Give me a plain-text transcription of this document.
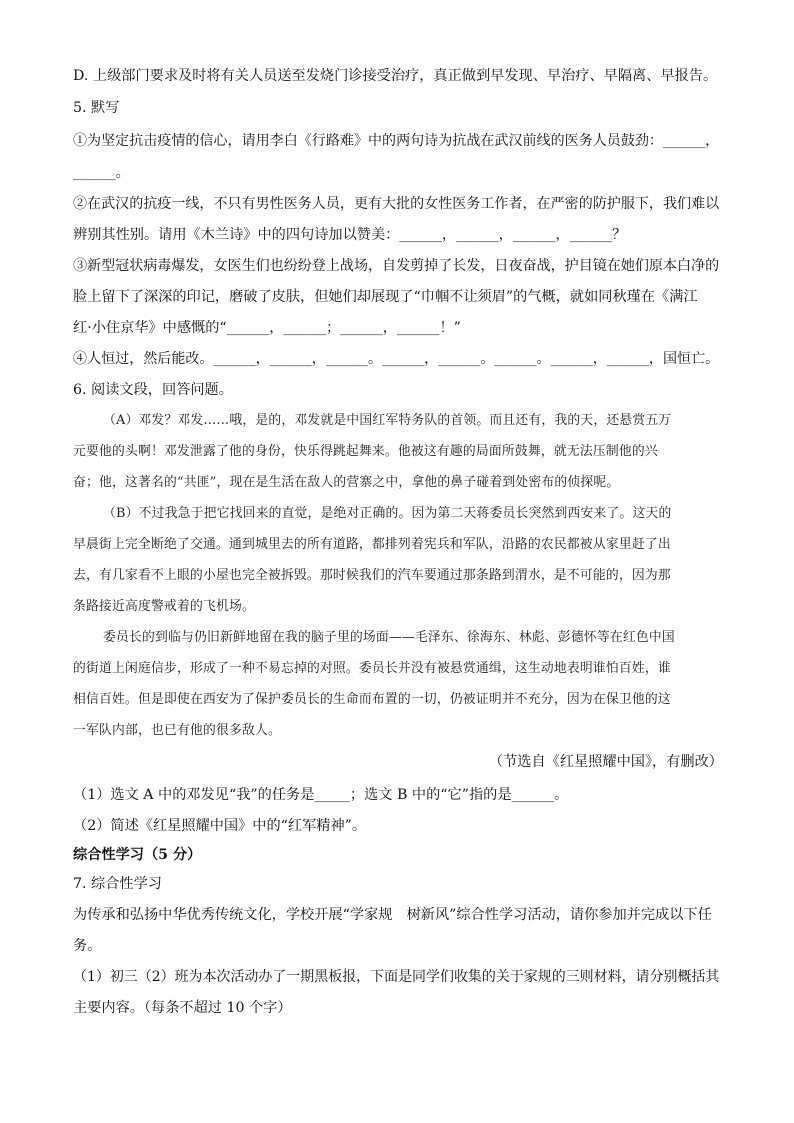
D. 上级部门要求及时将有关人员送至发烧门诊接受治疗，真正做到早发现、早治疗、早隔离、早报告。
5. 默写
①为坚定抗击疫情的信心，请用李白《行路难》中的两句诗为抗战在武汉前线的医务人员鼓劲：______，
______。
②在武汉的抗疫一线，不只有男性医务人员，更有大批的女性医务工作者，在严密的防护服下，我们难以
辨别其性别。请用《木兰诗》中的四句诗加以赞美：______，______，______，______？
③新型冠状病毒爆发，女医生们也纷纷登上战场，自发剪掉了长发，日夜奋战，护目镜在她们原本白净的
脸上留下了深深的印记，磨破了皮肤，但她们却展现了“巾帼不让须眉”的气概，就如同秋瑾在《满江
红·小住京华》中感慨的“______，______；______，______！”
④人恒过，然后能改。______，______，______。______，______。______。______，______，国恒亡。
6. 阅读文段，回答问题。
（A）邓发？邓发……哦，是的，邓发就是中国红军特务队的首领。而且还有，我的天，还悬赏五万
元要他的头啊！邓发泄露了他的身份，快乐得跳起舞来。他被这有趣的局面所鼓舞，就无法压制他的兴
奋；他，这著名的“共匪”，现在是生活在敌人的营寨之中，拿他的鼻子碰着到处密布的侦探呢。
（B）不过我急于把它找回来的直觉，是绝对正确的。因为第二天蒋委员长突然到西安来了。这天的
早晨街上完全断绝了交通。通到城里去的所有道路，都排列着宪兵和军队，沿路的农民都被从家里赶了出
去，有几家看不上眼的小屋也完全被拆毁。那时候我们的汽车要通过那条路到渭水，是不可能的，因为那
条路接近高度警戒着的飞机场。
委员长的到临与仍旧新鲜地留在我的脑子里的场面——毛泽东、徐海东、林彪、彭德怀等在红色中国
的街道上闲庭信步，形成了一种不易忘掉的对照。委员长并没有被悬赏通缉，这生动地表明谁怕百姓，谁
相信百姓。但是即使在西安为了保护委员长的生命而布置的一切，仍被证明并不充分，因为在保卫他的这
一军队内部，也已有他的很多敌人。
（节选自《红星照耀中国》，有删改）
（1）选文 A 中的邓发见“我”的任务是_____；选文 B 中的“它”指的是______。
（2）简述《红星照耀中国》中的“红军精神”。
综合性学习（5 分）
7. 综合性学习
为传承和弘扬中华优秀传统文化，学校开展“学家规　树新风”综合性学习活动，请你参加并完成以下任
务。
（1）初三（2）班为本次活动办了一期黑板报，下面是同学们收集的关于家规的三则材料，请分别概括其
主要内容。（每条不超过 10 个字）
